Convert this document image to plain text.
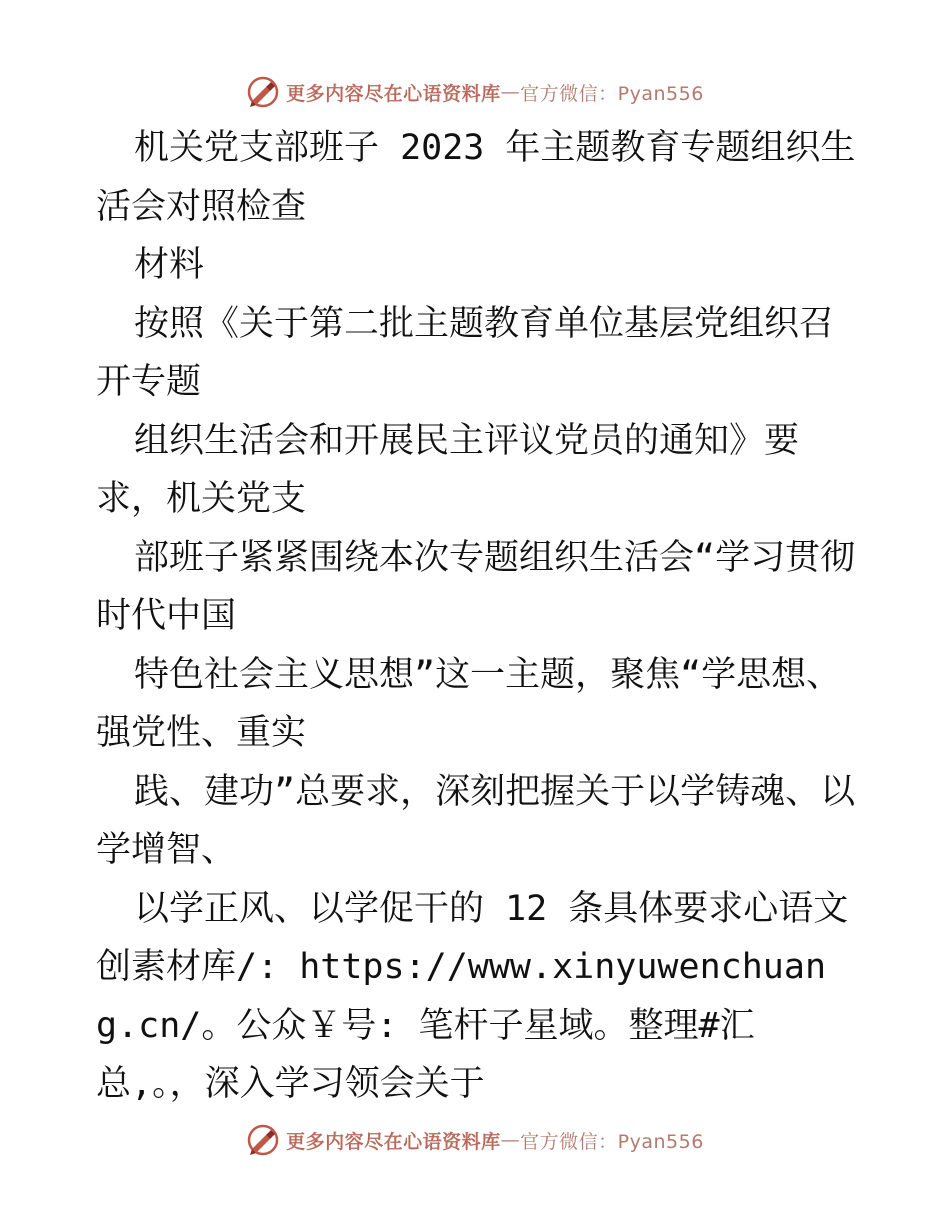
更多内容尽在心语资料库 — 官方微信：Pyan556

机关党支部班子 2023 年主题教育专题组织生活会对照检查

材料

按照《关于第二批主题教育单位基层党组织召开专题

组织生活会和开展民主评议党员的通知》要求，机关党支

部班子紧紧围绕本次专题组织生活会“学习贯彻时代中国

特色社会主义思想”这一主题，聚焦“学思想、强党性、重实

践、建功”总要求，深刻把握关于以学铸魂、以学增智、

以学正风、以学促干的 12 条具体要求心语文创素材库/: https://www.xinyuwenchuang.cn/。公众￥号: 笔杆子星域。整理#汇总,。，深入学习领会关于

更多内容尽在心语资料库 — 官方微信：Pyan556
